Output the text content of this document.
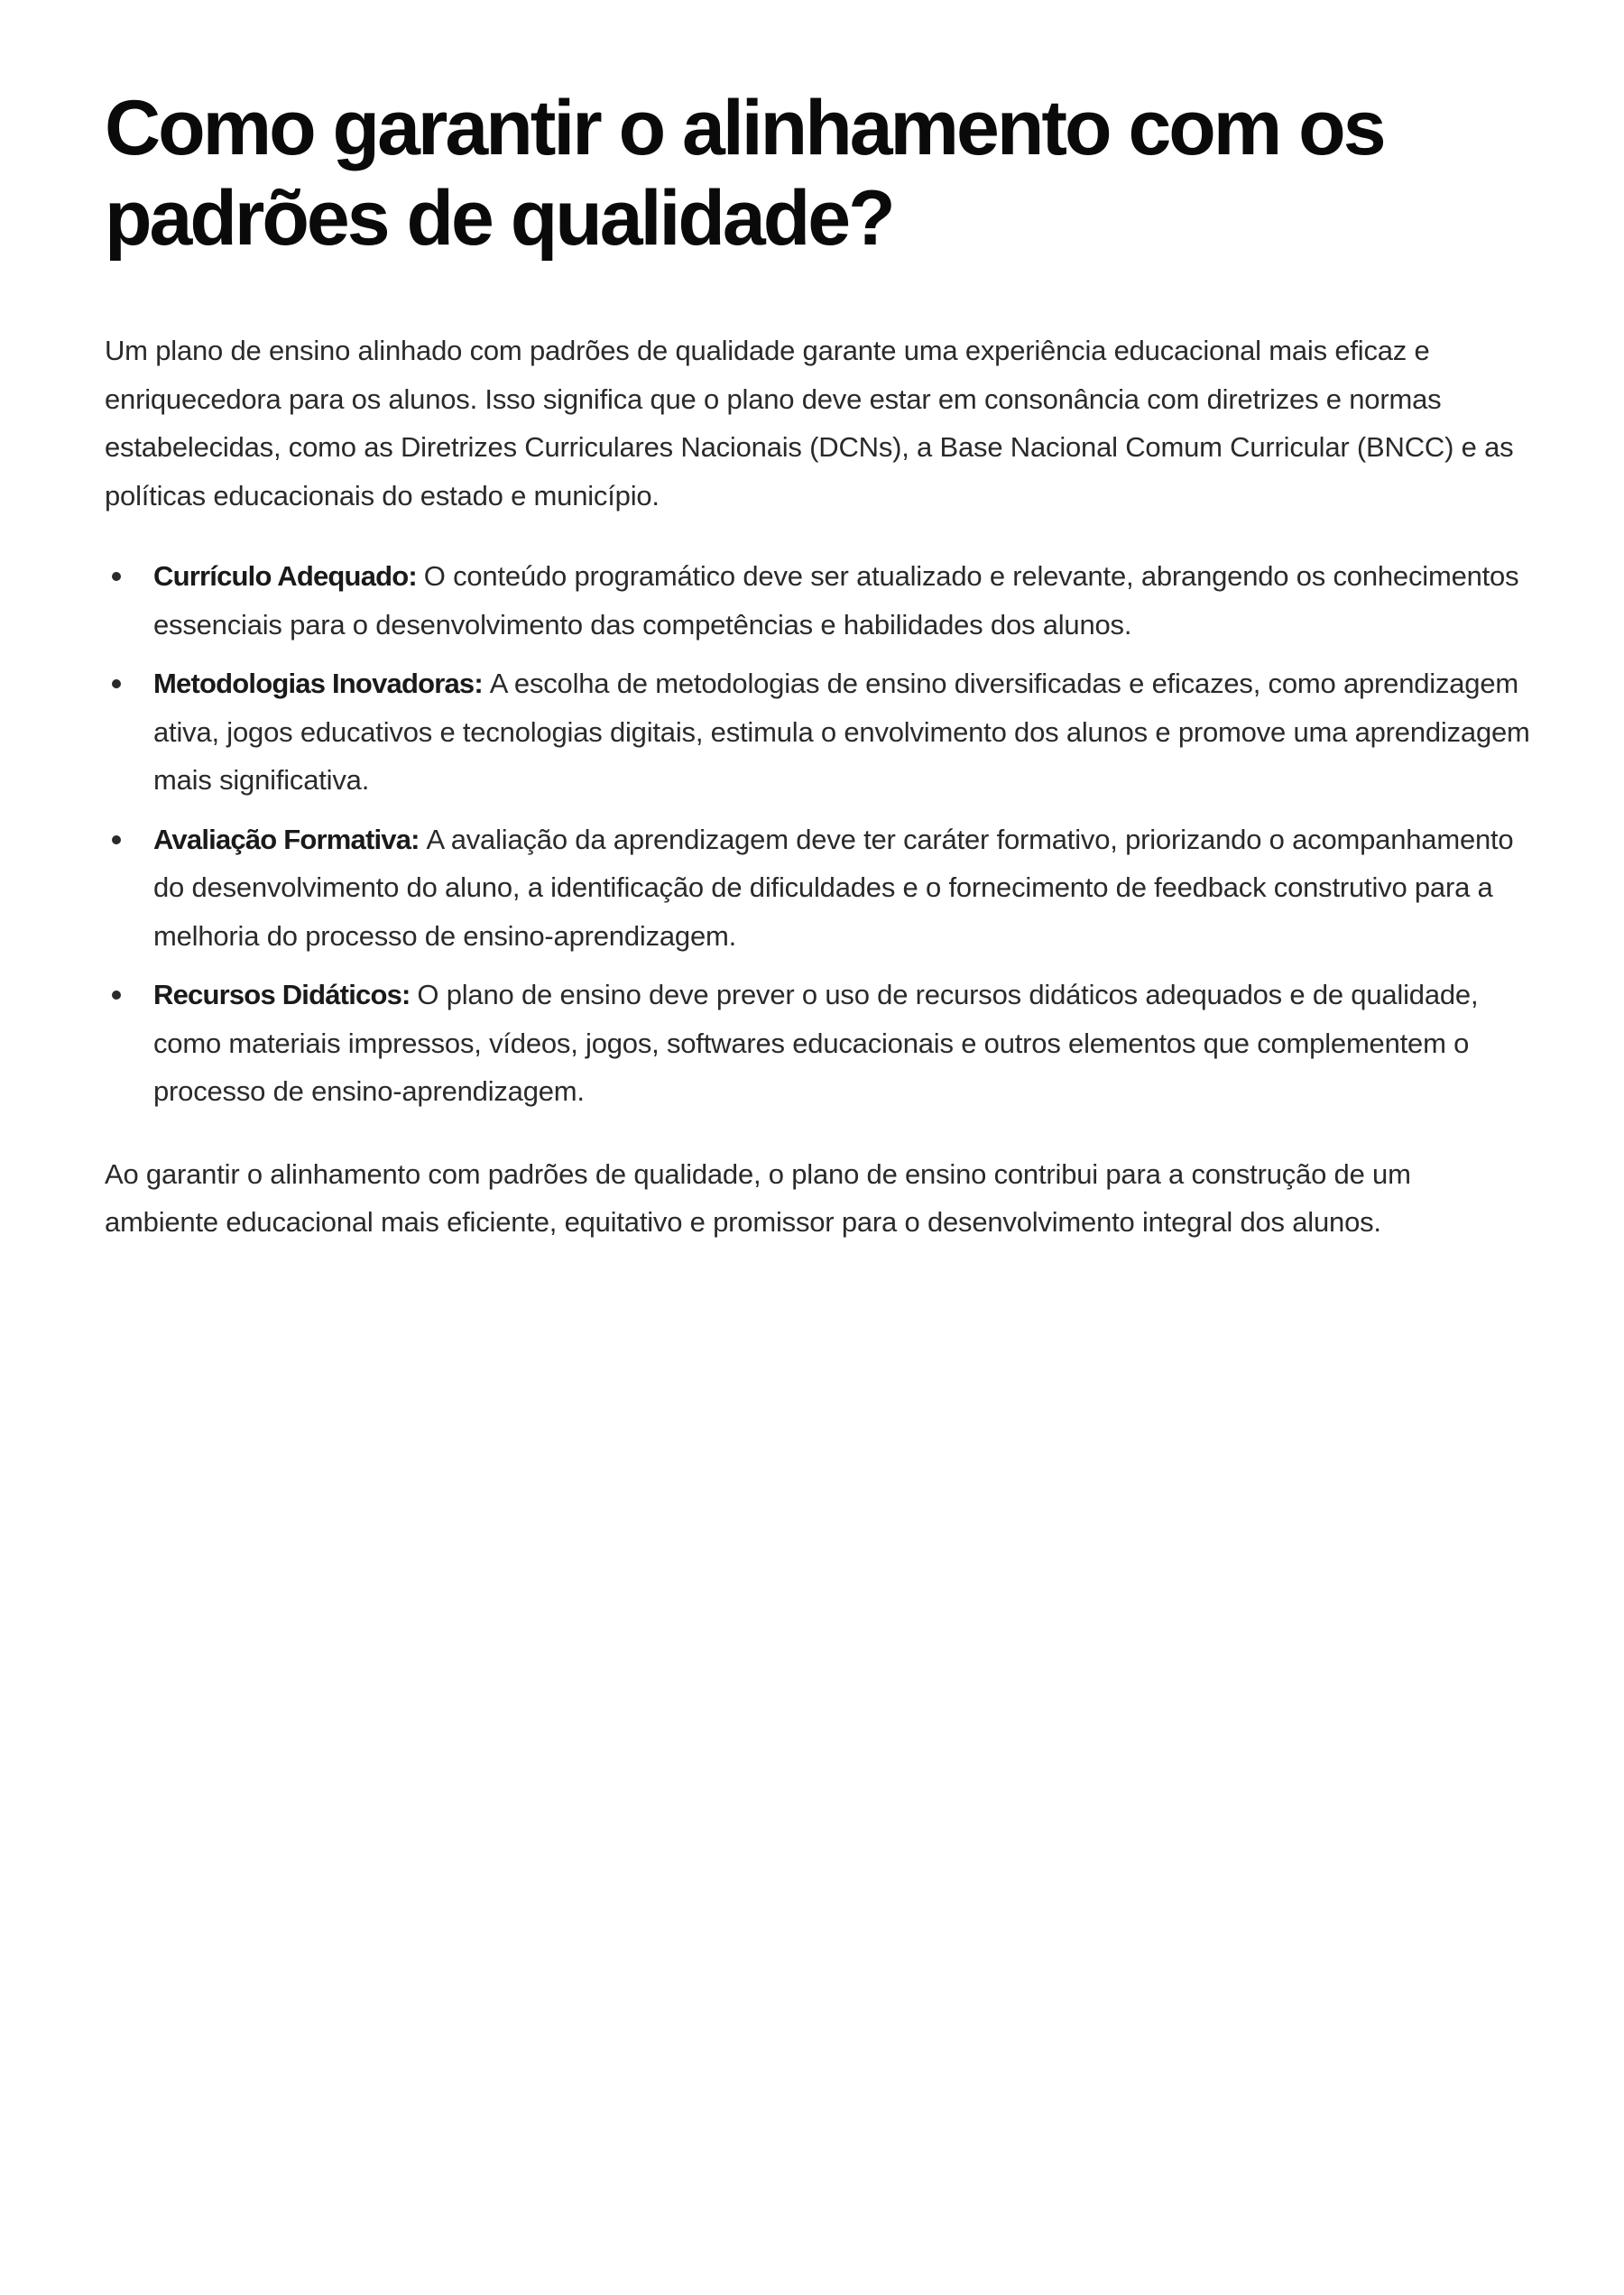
Como garantir o alinhamento com os padrões de qualidade?

Um plano de ensino alinhado com padrões de qualidade garante uma experiência educacional mais eficaz e enriquecedora para os alunos. Isso significa que o plano deve estar em consonância com diretrizes e normas estabelecidas, como as Diretrizes Curriculares Nacionais (DCNs), a Base Nacional Comum Curricular (BNCC) e as políticas educacionais do estado e município.

Currículo Adequado: O conteúdo programático deve ser atualizado e relevante, abrangendo os conhecimentos essenciais para o desenvolvimento das competências e habilidades dos alunos.
Metodologias Inovadoras: A escolha de metodologias de ensino diversificadas e eficazes, como aprendizagem ativa, jogos educativos e tecnologias digitais, estimula o envolvimento dos alunos e promove uma aprendizagem mais significativa.
Avaliação Formativa: A avaliação da aprendizagem deve ter caráter formativo, priorizando o acompanhamento do desenvolvimento do aluno, a identificação de dificuldades e o fornecimento de feedback construtivo para a melhoria do processo de ensino-aprendizagem.
Recursos Didáticos: O plano de ensino deve prever o uso de recursos didáticos adequados e de qualidade, como materiais impressos, vídeos, jogos, softwares educacionais e outros elementos que complementem o processo de ensino-aprendizagem.

Ao garantir o alinhamento com padrões de qualidade, o plano de ensino contribui para a construção de um ambiente educacional mais eficiente, equitativo e promissor para o desenvolvimento integral dos alunos.
